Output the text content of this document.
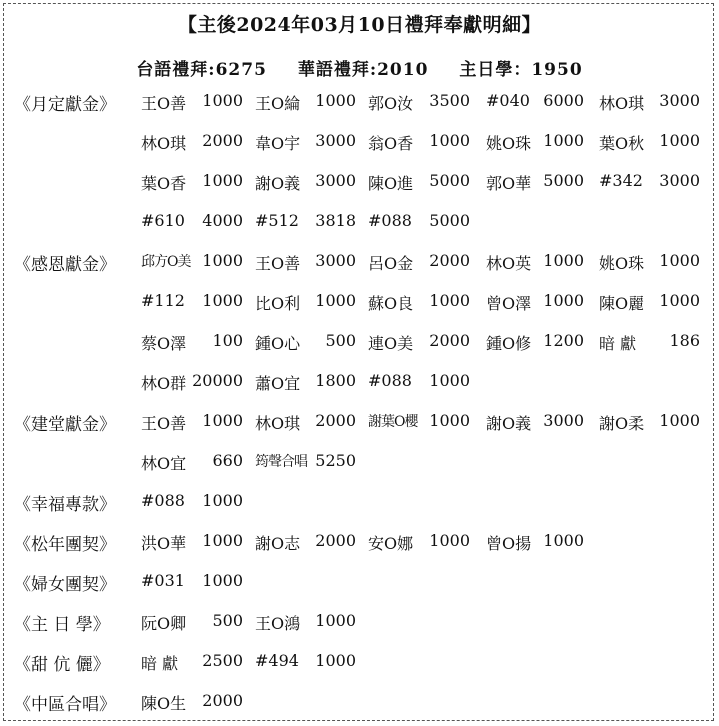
【主後2024年03月10日禮拜奉獻明細】
台語禮拜:6275 華語禮拜:2010 主日學：1950
《月定獻金》 王O善 1000 王O綸 1000 郭O汝 3500 #040 6000 林O琪 3000
林O琪 2000 韋O宇 3000 翁O香 1000 姚O珠 1000 葉O秋 1000
葉O香 1000 謝O義 3000 陳O進 5000 郭O華 5000 #342 3000
#610 4000 #512 3818 #088 5000
《感恩獻金》 邱方O美 1000 王O善 3000 呂O金 2000 林O英 1000 姚O珠 1000
#112 1000 比O利 1000 蘇O良 1000 曾O澤 1000 陳O麗 1000
蔡O澤 100 鍾O心 500 連O美 2000 鍾O修 1200 暗 獻 186
林O群 20000 蕭O宜 1800 #088 1000
《建堂獻金》 王O善 1000 林O琪 2000 謝葉O櫻 1000 謝O義 3000 謝O柔 1000
林O宜 660 筠聲合唱 5250
《幸福專款》 #088 1000
《松年團契》 洪O華 1000 謝O志 2000 安O娜 1000 曾O揚 1000
《婦女團契》 #031 1000
《主 日 學》 阮O卿 500 王O鴻 1000
《甜 伉 儷》 暗 獻 2500 #494 1000
《中區合唱》 陳O生 2000
